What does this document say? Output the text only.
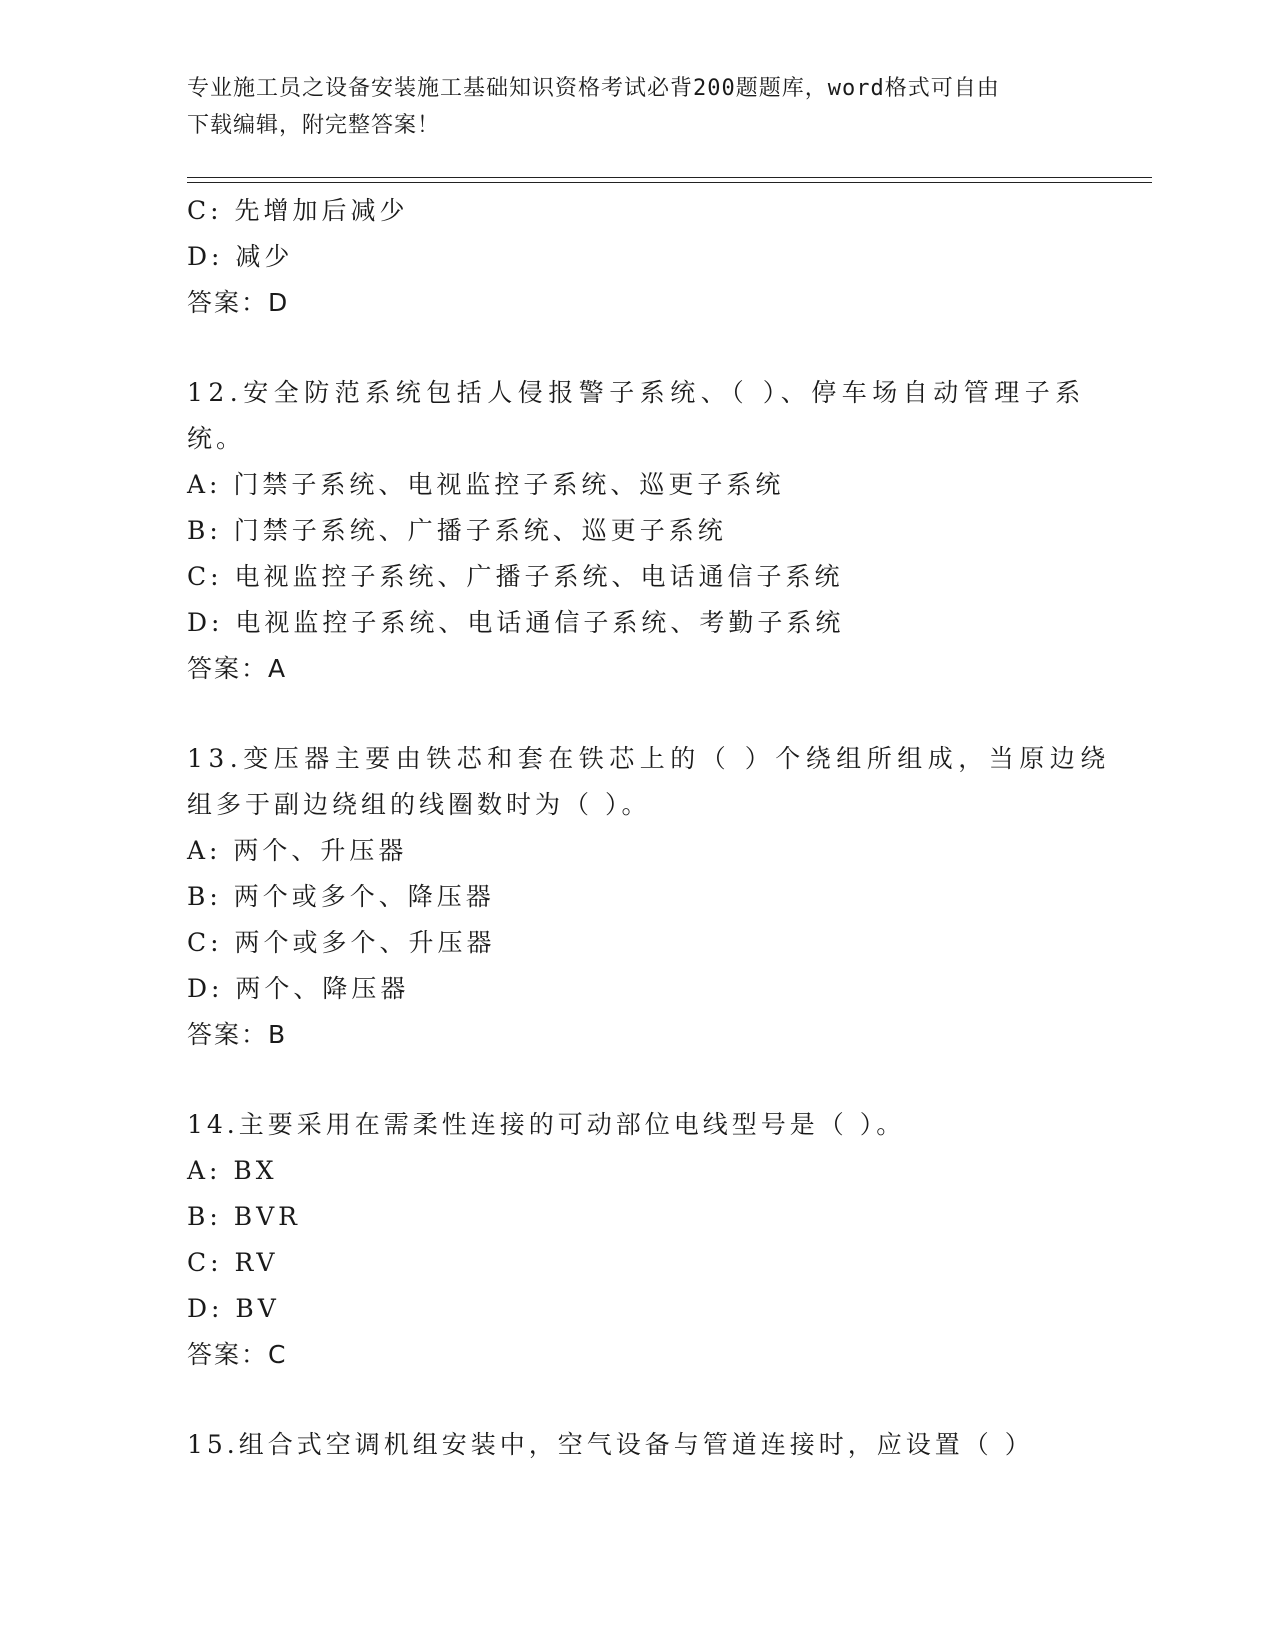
专业施工员之设备安装施工基础知识资格考试必背200题题库，word格式可自由
下载编辑，附完整答案！
C: 先增加后减少
D: 减少
答案：D
12.安全防范系统包括人侵报警子系统、（ ）、停车场自动管理子系
统。
A: 门禁子系统、电视监控子系统、巡更子系统
B: 门禁子系统、广播子系统、巡更子系统
C: 电视监控子系统、广播子系统、电话通信子系统
D: 电视监控子系统、电话通信子系统、考勤子系统
答案：A
13.变压器主要由铁芯和套在铁芯上的（ ）个绕组所组成，当原边绕
组多于副边绕组的线圈数时为（ ）。
A: 两个、升压器
B: 两个或多个、降压器
C: 两个或多个、升压器
D: 两个、降压器
答案：B
14.主要采用在需柔性连接的可动部位电线型号是（ ）。
A: BX
B: BVR
C: RV
D: BV
答案：C
15.组合式空调机组安装中，空气设备与管道连接时，应设置（ ）
